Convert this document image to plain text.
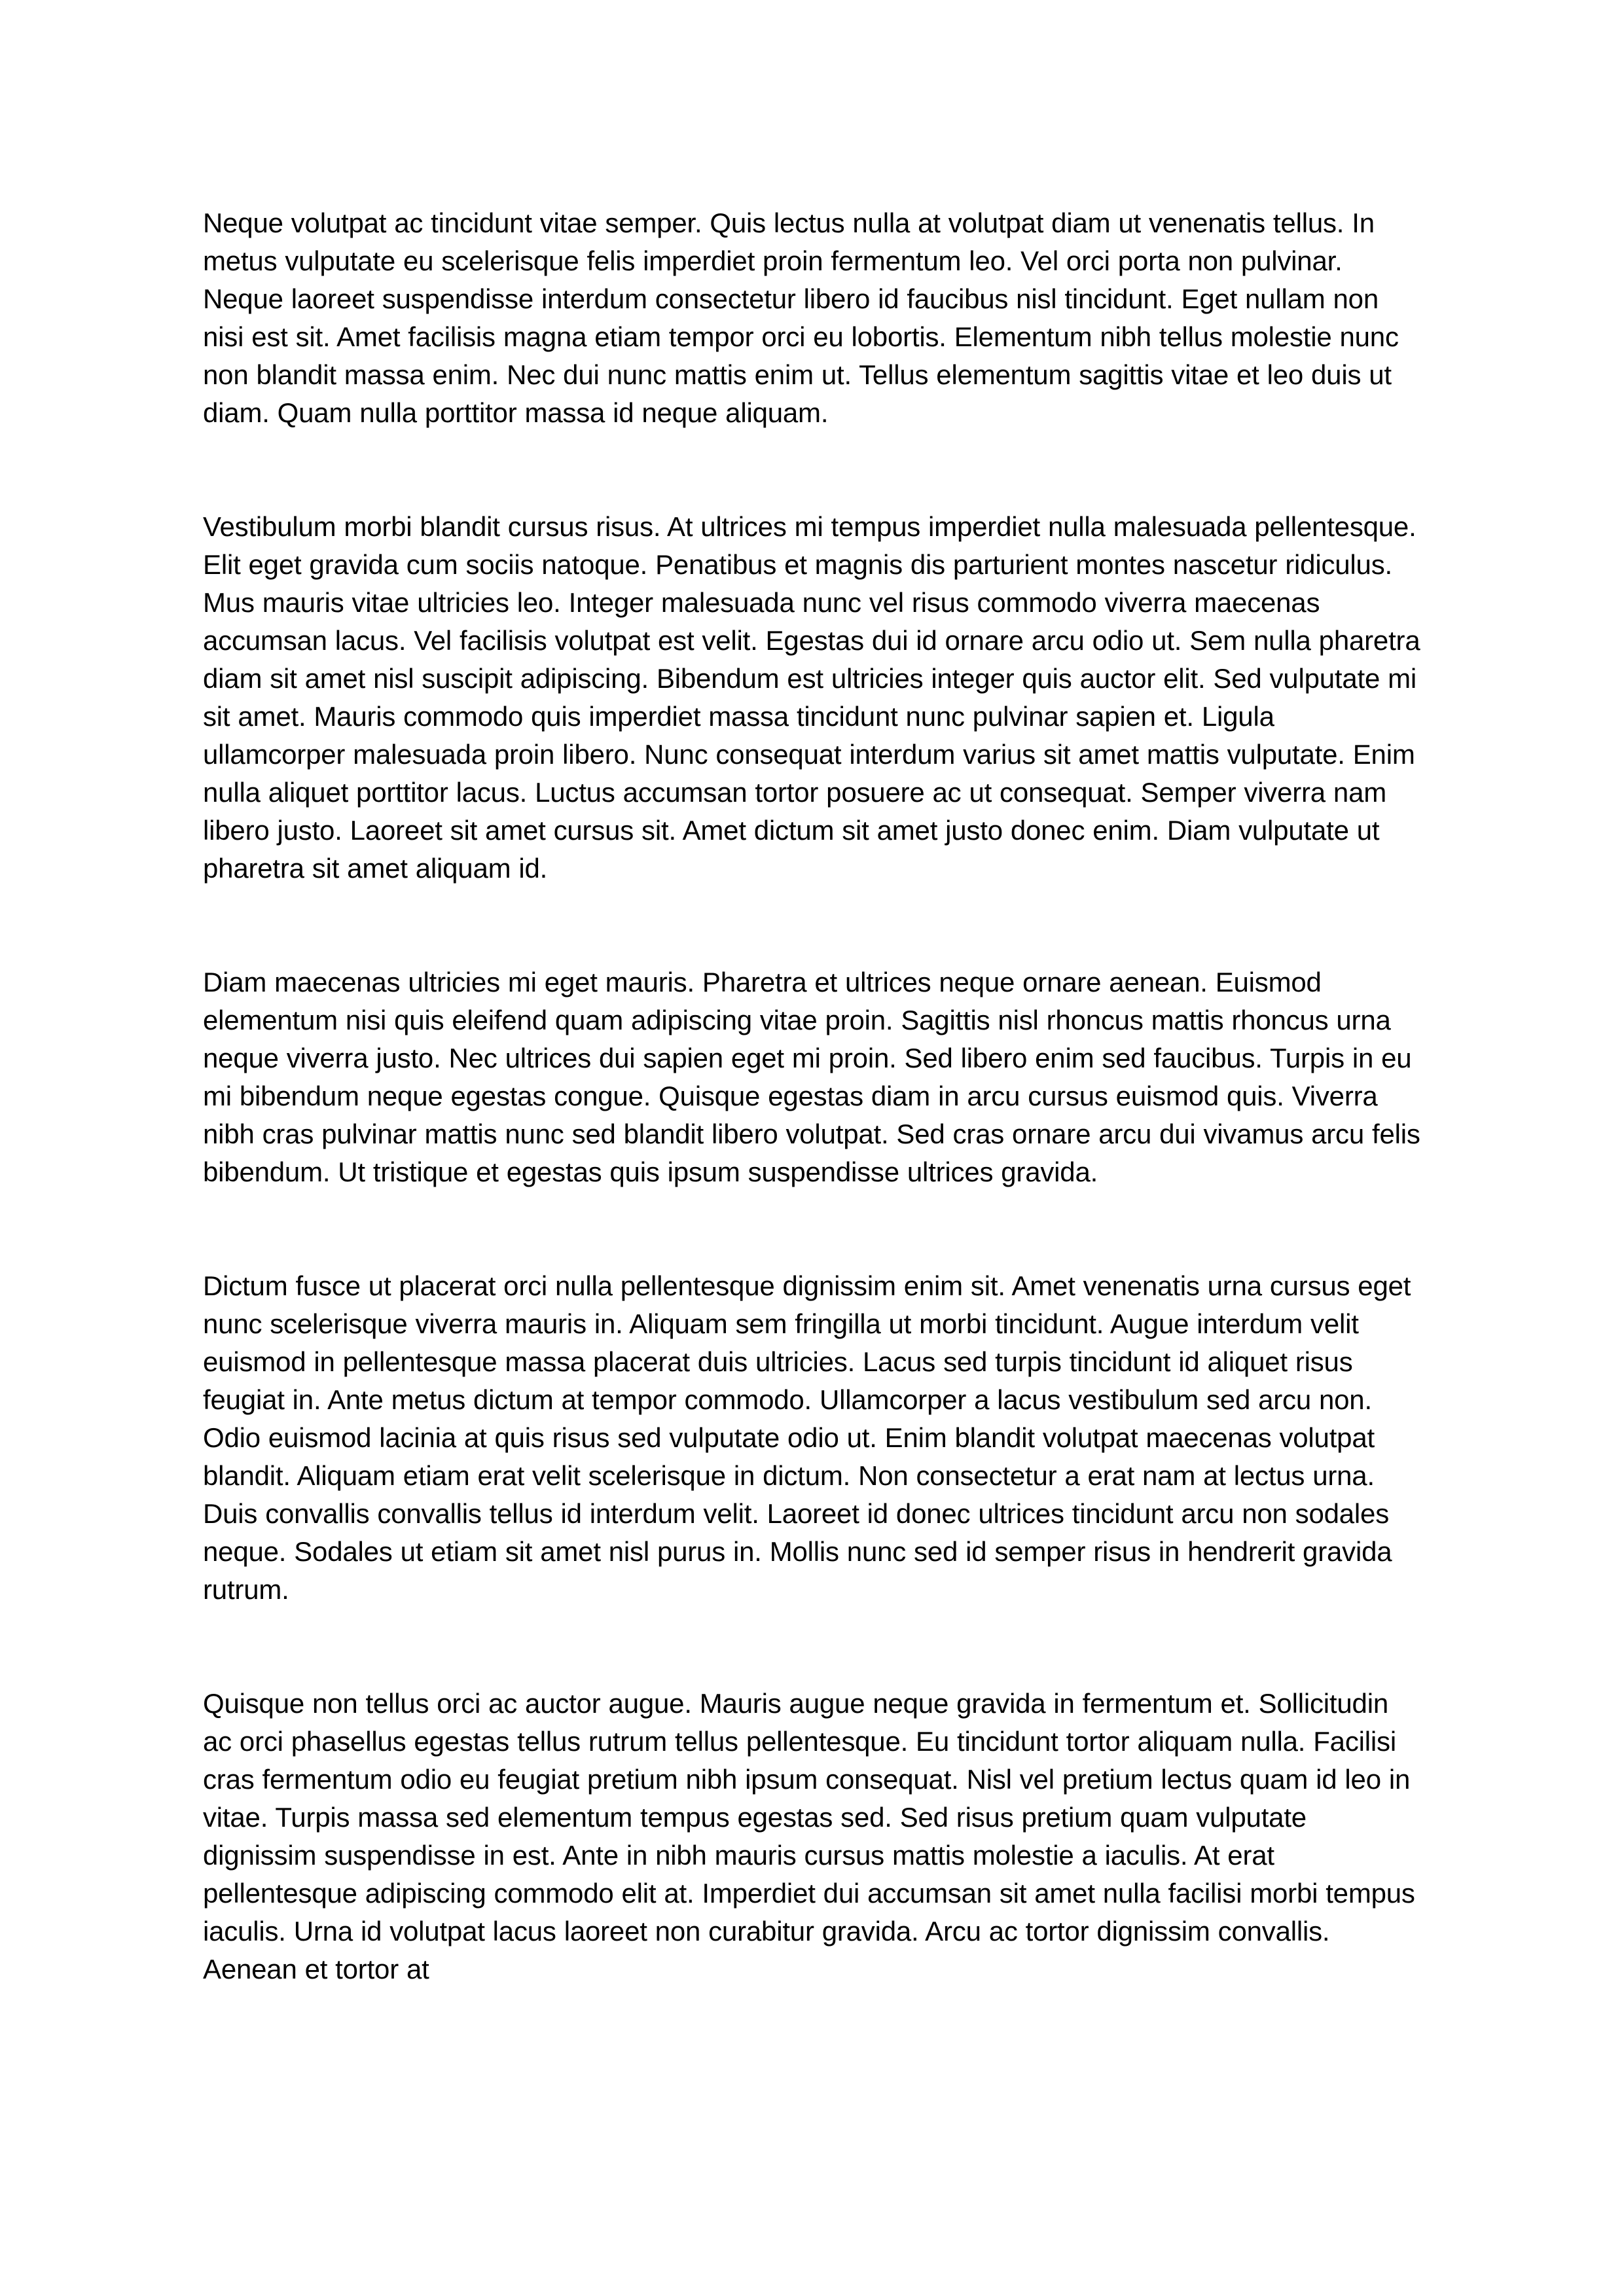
Neque volutpat ac tincidunt vitae semper. Quis lectus nulla at volutpat diam ut venenatis tellus. In metus vulputate eu scelerisque felis imperdiet proin fermentum leo. Vel orci porta non pulvinar. Neque laoreet suspendisse interdum consectetur libero id faucibus nisl tincidunt. Eget nullam non nisi est sit. Amet facilisis magna etiam tempor orci eu lobortis. Elementum nibh tellus molestie nunc non blandit massa enim. Nec dui nunc mattis enim ut. Tellus elementum sagittis vitae et leo duis ut diam. Quam nulla porttitor massa id neque aliquam.

Vestibulum morbi blandit cursus risus. At ultrices mi tempus imperdiet nulla malesuada pellentesque. Elit eget gravida cum sociis natoque. Penatibus et magnis dis parturient montes nascetur ridiculus. Mus mauris vitae ultricies leo. Integer malesuada nunc vel risus commodo viverra maecenas accumsan lacus. Vel facilisis volutpat est velit. Egestas dui id ornare arcu odio ut. Sem nulla pharetra diam sit amet nisl suscipit adipiscing. Bibendum est ultricies integer quis auctor elit. Sed vulputate mi sit amet. Mauris commodo quis imperdiet massa tincidunt nunc pulvinar sapien et. Ligula ullamcorper malesuada proin libero. Nunc consequat interdum varius sit amet mattis vulputate. Enim nulla aliquet porttitor lacus. Luctus accumsan tortor posuere ac ut consequat. Semper viverra nam libero justo. Laoreet sit amet cursus sit. Amet dictum sit amet justo donec enim. Diam vulputate ut pharetra sit amet aliquam id.

Diam maecenas ultricies mi eget mauris. Pharetra et ultrices neque ornare aenean. Euismod elementum nisi quis eleifend quam adipiscing vitae proin. Sagittis nisl rhoncus mattis rhoncus urna neque viverra justo. Nec ultrices dui sapien eget mi proin. Sed libero enim sed faucibus. Turpis in eu mi bibendum neque egestas congue. Quisque egestas diam in arcu cursus euismod quis. Viverra nibh cras pulvinar mattis nunc sed blandit libero volutpat. Sed cras ornare arcu dui vivamus arcu felis bibendum. Ut tristique et egestas quis ipsum suspendisse ultrices gravida.

Dictum fusce ut placerat orci nulla pellentesque dignissim enim sit. Amet venenatis urna cursus eget nunc scelerisque viverra mauris in. Aliquam sem fringilla ut morbi tincidunt. Augue interdum velit euismod in pellentesque massa placerat duis ultricies. Lacus sed turpis tincidunt id aliquet risus feugiat in. Ante metus dictum at tempor commodo. Ullamcorper a lacus vestibulum sed arcu non. Odio euismod lacinia at quis risus sed vulputate odio ut. Enim blandit volutpat maecenas volutpat blandit. Aliquam etiam erat velit scelerisque in dictum. Non consectetur a erat nam at lectus urna. Duis convallis convallis tellus id interdum velit. Laoreet id donec ultrices tincidunt arcu non sodales neque. Sodales ut etiam sit amet nisl purus in. Mollis nunc sed id semper risus in hendrerit gravida rutrum.

Quisque non tellus orci ac auctor augue. Mauris augue neque gravida in fermentum et. Sollicitudin ac orci phasellus egestas tellus rutrum tellus pellentesque. Eu tincidunt tortor aliquam nulla. Facilisi cras fermentum odio eu feugiat pretium nibh ipsum consequat. Nisl vel pretium lectus quam id leo in vitae. Turpis massa sed elementum tempus egestas sed. Sed risus pretium quam vulputate dignissim suspendisse in est. Ante in nibh mauris cursus mattis molestie a iaculis. At erat pellentesque adipiscing commodo elit at. Imperdiet dui accumsan sit amet nulla facilisi morbi tempus iaculis. Urna id volutpat lacus laoreet non curabitur gravida. Arcu ac tortor dignissim convallis. Aenean et tortor at
